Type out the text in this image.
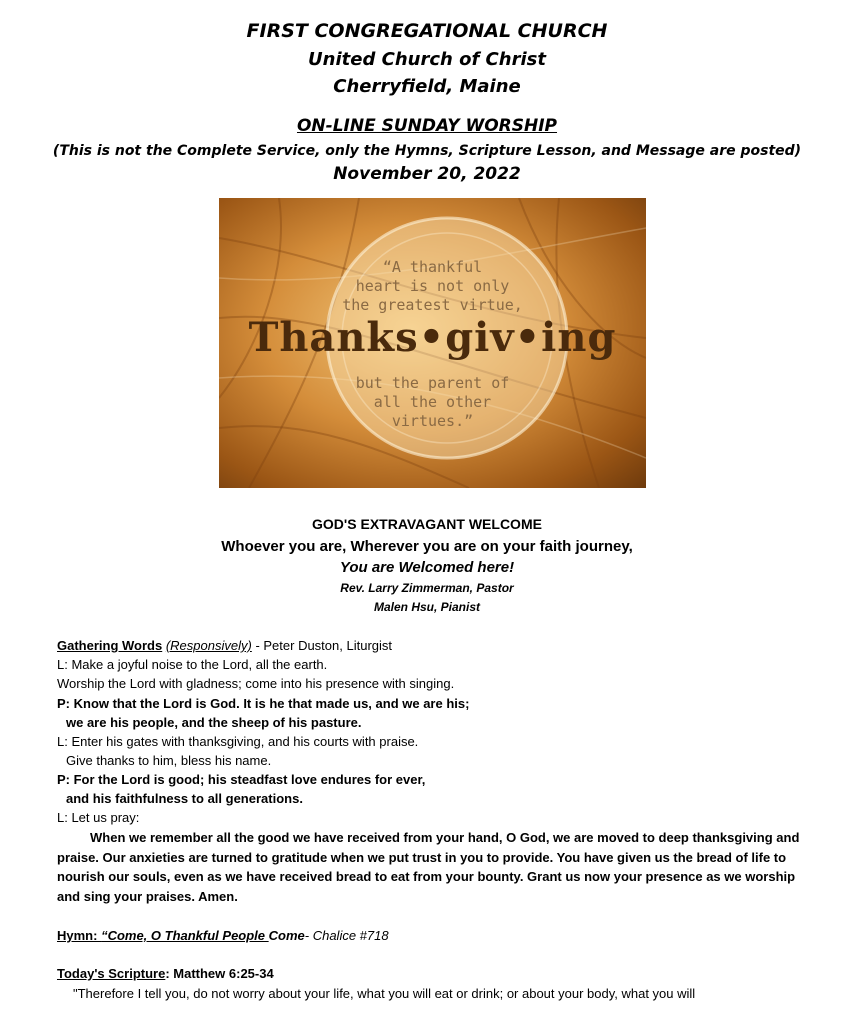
FIRST CONGREGATIONAL CHURCH
United Church of Christ
Cherryfield, Maine
ON-LINE SUNDAY WORSHIP
(This is not the Complete Service, only the Hymns, Scripture Lesson, and Message are posted)
November 20, 2022
“A thankful
heart is not only
the greatest virtue,
Thanks•giv•ing
but the parent of
all the other
virtues.”
GOD'S EXTRAVAGANT WELCOME
Whoever you are, Wherever you are on your faith journey,
You are Welcomed here!
Rev. Larry Zimmerman, Pastor
Malen Hsu, Pianist
Gathering Words (Responsively) - Peter Duston, Liturgist
L: Make a joyful noise to the Lord, all the earth.
Worship the Lord with gladness; come into his presence with singing.
P: Know that the Lord is God. It is he that made us, and we are his;
we are his people, and the sheep of his pasture.
L: Enter his gates with thanksgiving, and his courts with praise.
Give thanks to him, bless his name.
P: For the Lord is good; his steadfast love endures for ever,
and his faithfulness to all generations.
L: Let us pray:
When we remember all the good we have received from your hand, O God, we are moved to deep thanksgiving and praise. Our anxieties are turned to gratitude when we put trust in you to provide. You have given us the bread of life to nourish our souls, even as we have received bread to eat from your bounty. Grant us now your presence as we worship and sing your praises. Amen.
Hymn: “Come, O Thankful People Come- Chalice #718
Today's Scripture: Matthew 6:25-34
"Therefore I tell you, do not worry about your life, what you will eat or drink; or about your body, what you will
